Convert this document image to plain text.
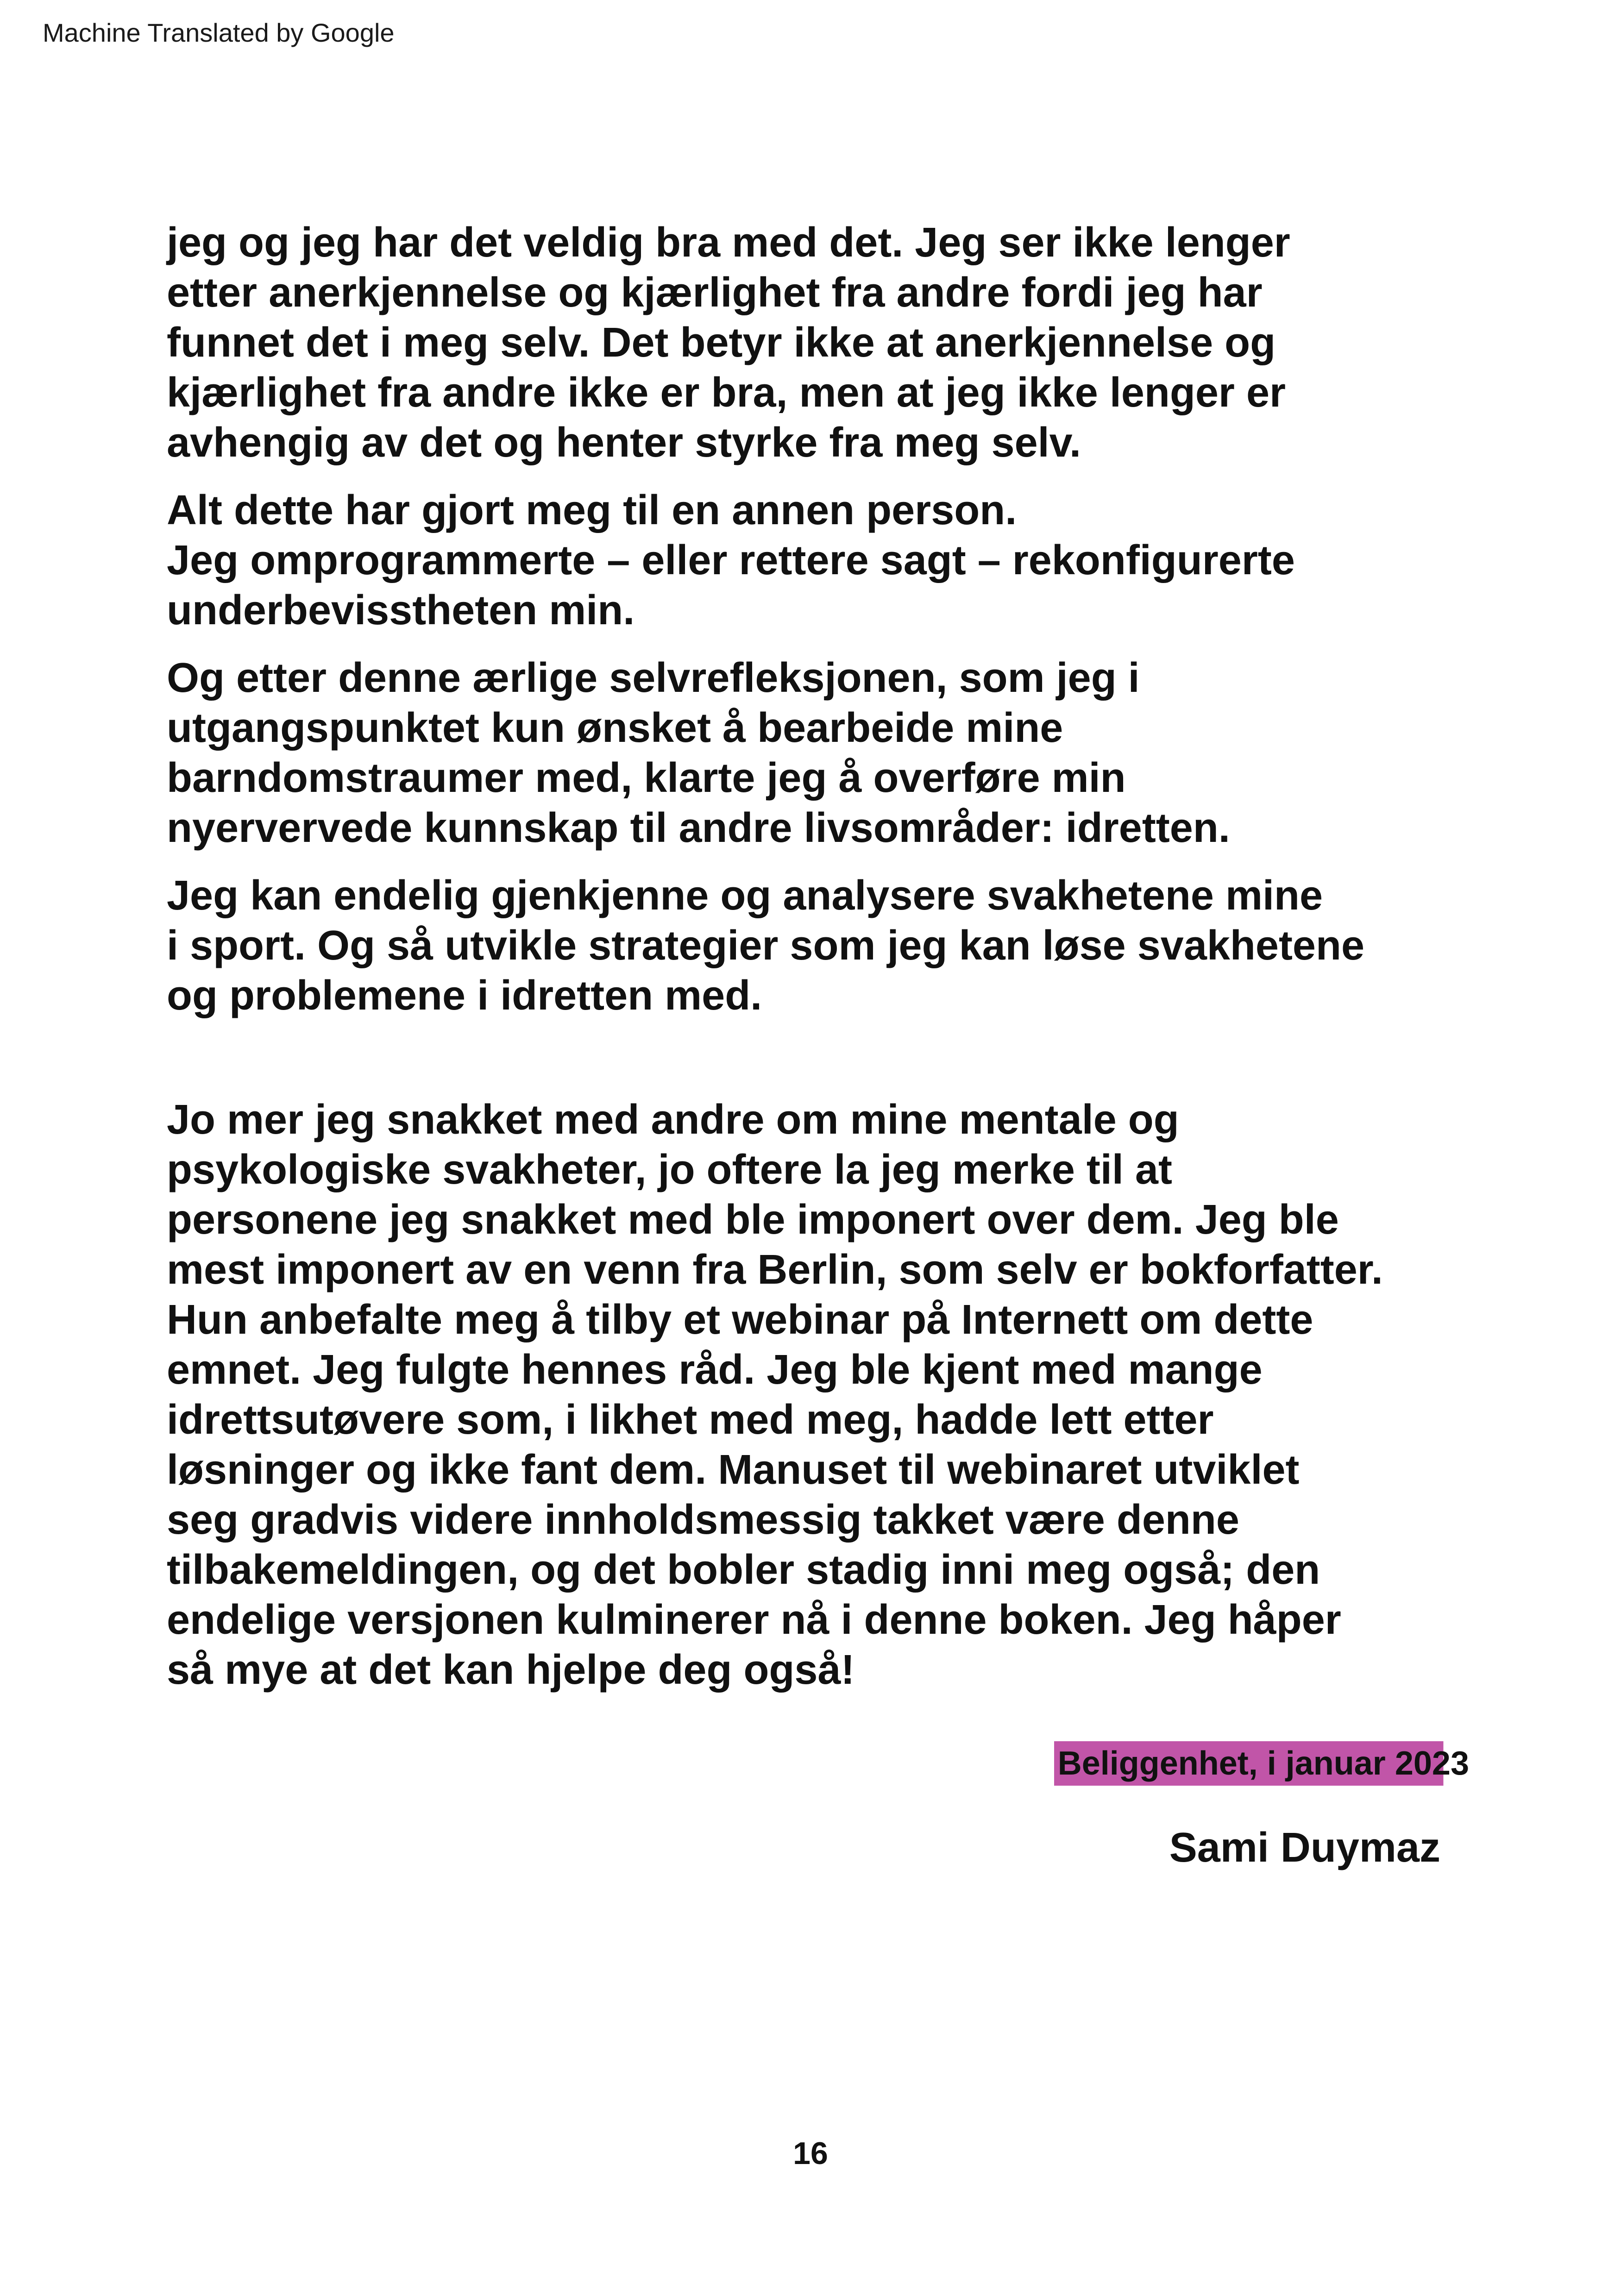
Machine Translated by Google

jeg og jeg har det veldig bra med det. Jeg ser ikke lenger
etter anerkjennelse og kjærlighet fra andre fordi jeg har
funnet det i meg selv. Det betyr ikke at anerkjennelse og
kjærlighet fra andre ikke er bra, men at jeg ikke lenger er
avhengig av det og henter styrke fra meg selv.

Alt dette har gjort meg til en annen person.
Jeg omprogrammerte – eller rettere sagt – rekonfigurerte
underbevisstheten min.

Og etter denne ærlige selvrefleksjonen, som jeg i
utgangspunktet kun ønsket å bearbeide mine
barndomstraumer med, klarte jeg å overføre min
nyervervede kunnskap til andre livsområder: idretten.

Jeg kan endelig gjenkjenne og analysere svakhetene mine
i sport. Og så utvikle strategier som jeg kan løse svakhetene
og problemene i idretten med.

Jo mer jeg snakket med andre om mine mentale og
psykologiske svakheter, jo oftere la jeg merke til at
personene jeg snakket med ble imponert over dem. Jeg ble
mest imponert av en venn fra Berlin, som selv er bokforfatter.
Hun anbefalte meg å tilby et webinar på Internett om dette
emnet. Jeg fulgte hennes råd. Jeg ble kjent med mange
idrettsutøvere som, i likhet med meg, hadde lett etter
løsninger og ikke fant dem. Manuset til webinaret utviklet
seg gradvis videre innholdsmessig takket være denne
tilbakemeldingen, og det bobler stadig inni meg også; den
endelige versjonen kulminerer nå i denne boken. Jeg håper
så mye at det kan hjelpe deg også!

Beliggenhet, i januar 2023
Sami Duymaz
16
